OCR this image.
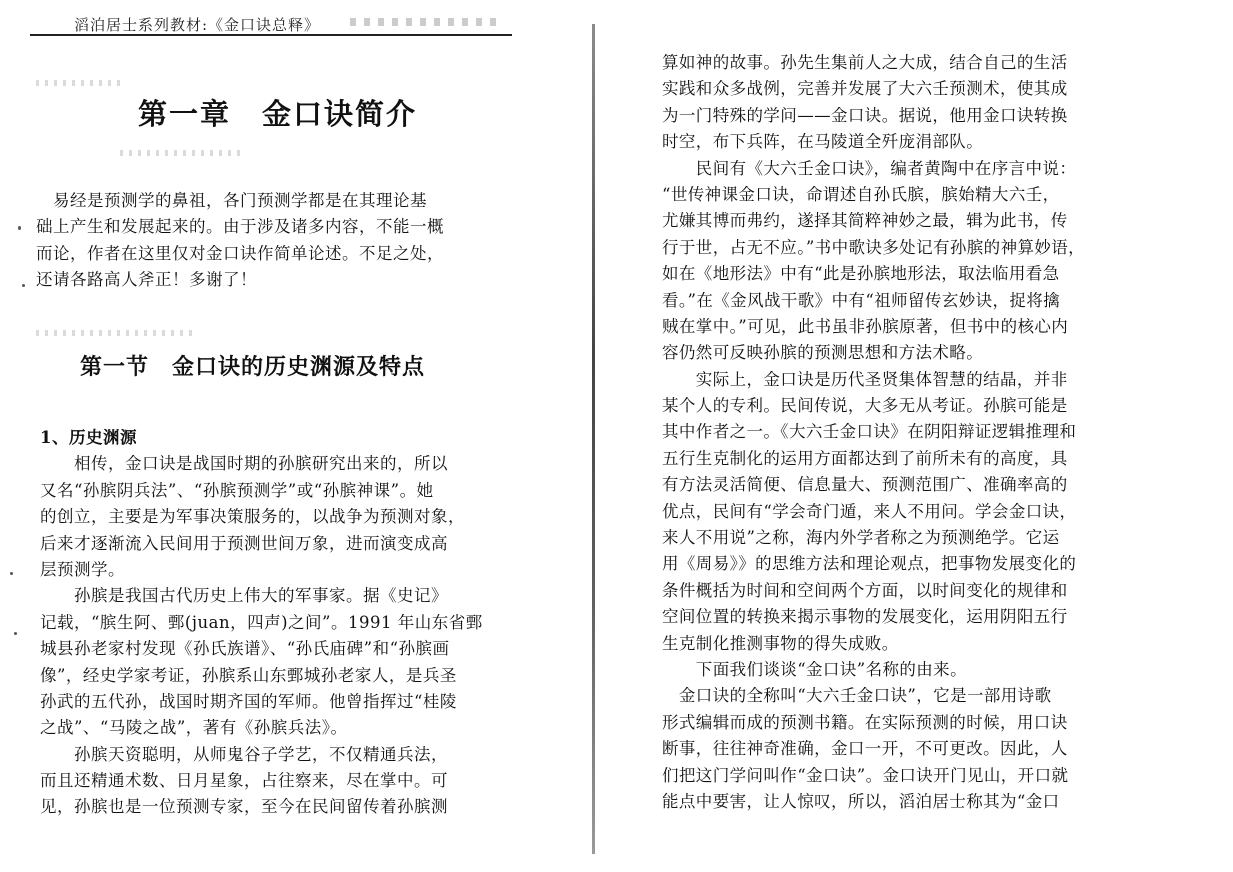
滔泊居士系列教材:《金口诀总释》
第一章　金口诀简介
　易经是预测学的鼻祖，各门预测学都是在其理论基
础上产生和发展起来的。由于涉及诸多内容，不能一概
而论，作者在这里仅对金口诀作简单论述。不足之处，
还请各路高人斧正！多谢了！
第一节　金口诀的历史渊源及特点
1、历史渊源
　　相传，金口诀是战国时期的孙膑研究出来的，所以
又名“孙膑阴兵法”、“孙膑预测学”或“孙膑神课”。她
的创立，主要是为军事决策服务的，以战争为预测对象，
后来才逐渐流入民间用于预测世间万象，进而演变成高
层预测学。
　　孙膑是我国古代历史上伟大的军事家。据《史记》
记载，“膑生阿、鄄(juan，四声)之间”。1991 年山东省鄄
城县孙老家村发现《孙氏族谱》、“孙氏庙碑”和“孙膑画
像”，经史学家考证，孙膑系山东鄄城孙老家人，是兵圣
孙武的五代孙，战国时期齐国的军师。他曾指挥过“桂陵
之战”、“马陵之战”，著有《孙膑兵法》。
　　孙膑天资聪明，从师鬼谷子学艺，不仅精通兵法，
而且还精通术数、日月星象，占往察来，尽在掌中。可
见，孙膑也是一位预测专家，至今在民间留传着孙膑测
算如神的故事。孙先生集前人之大成，结合自己的生活
实践和众多战例，完善并发展了大六壬预测术，使其成
为一门特殊的学问——金口诀。据说，他用金口诀转换
时空，布下兵阵，在马陵道全歼庞涓部队。
　　民间有《大六壬金口诀》，编者黄陶中在序言中说：
“世传神课金口诀，命谓述自孙氏膑，膑始精大六壬，
尤嫌其博而弗约，遂择其简粹神妙之最，辑为此书，传
行于世，占无不应。”书中歌诀多处记有孙膑的神算妙语，
如在《地形法》中有“此是孙膑地形法，取法临用看急
看。”在《金风战干歌》中有“祖师留传玄妙诀，捉将擒
贼在掌中。”可见，此书虽非孙膑原著，但书中的核心内
容仍然可反映孙膑的预测思想和方法术略。
　　实际上，金口诀是历代圣贤集体智慧的结晶，并非
某个人的专利。民间传说，大多无从考证。孙膑可能是
其中作者之一。《大六壬金口诀》在阴阳辩证逻辑推理和
五行生克制化的运用方面都达到了前所未有的高度，具
有方法灵活简便、信息量大、预测范围广、准确率高的
优点，民间有“学会奇门遁，来人不用问。学会金口诀，
来人不用说”之称，海内外学者称之为预测绝学。它运
用《周易》》的思维方法和理论观点，把事物发展变化的
条件概括为时间和空间两个方面，以时间变化的规律和
空间位置的转换来揭示事物的发展变化，运用阴阳五行
生克制化推测事物的得失成败。
　　下面我们谈谈“金口诀”名称的由来。
　金口诀的全称叫“大六壬金口诀”，它是一部用诗歌
形式编辑而成的预测书籍。在实际预测的时候，用口诀
断事，往往神奇准确，金口一开，不可更改。因此，人
们把这门学问叫作“金口诀”。金口诀开门见山，开口就
能点中要害，让人惊叹，所以，滔泊居士称其为“金口
